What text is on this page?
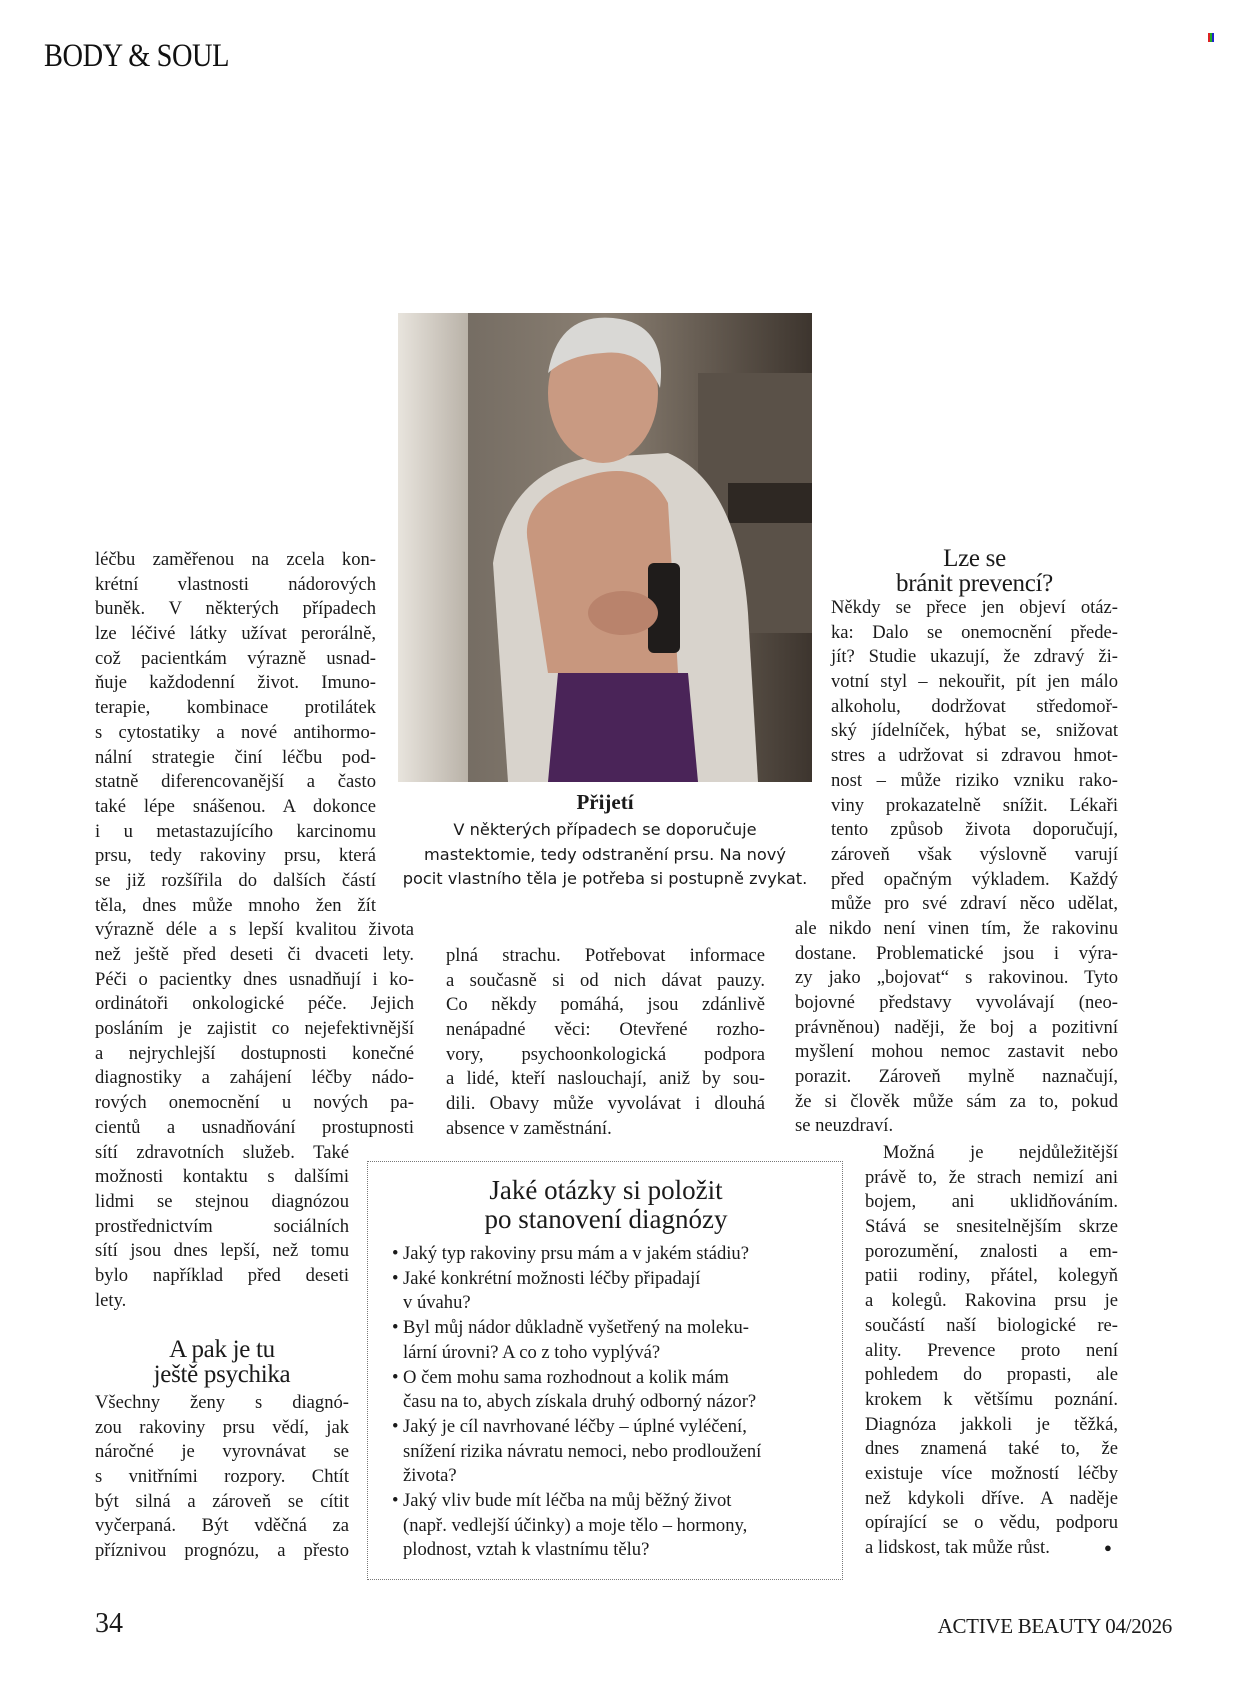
BODY & SOUL
Přijetí
V některých případech se doporučuje
mastektomie, tedy odstranění prsu. Na nový
pocit vlastního těla je potřeba si postupně zvykat.
léčbu zaměřenou na zcela kon-
krétní vlastnosti nádorových
buněk. V některých případech
lze léčivé látky užívat perorálně,
což pacientkám výrazně usnad-
ňuje každodenní život. Imuno-
terapie, kombinace protilátek
s cytostatiky a nové antihormo-
nální strategie činí léčbu pod-
statně diferencovanější a často
také lépe snášenou. A dokonce
i u metastazujícího karcinomu
prsu, tedy rakoviny prsu, která
se již rozšířila do dalších částí
těla, dnes může mnoho žen žít
výrazně déle a s lepší kvalitou života
než ještě před deseti či dvaceti lety.
Péči o pacientky dnes usnadňují i ko-
ordinátoři onkologické péče. Jejich
posláním je zajistit co nejefektivnější
a nejrychlejší dostupnosti konečné
diagnostiky a zahájení léčby nádo-
rových onemocnění u nových pa-
cientů a usnadňování prostupnosti
sítí zdravotních služeb. Také
možnosti kontaktu s dalšími
lidmi se stejnou diagnózou
prostřednictvím sociálních
sítí jsou dnes lepší, než tomu
bylo například před deseti
lety.
A pak je tu
ještě psychika
Všechny ženy s diagnó-
zou rakoviny prsu vědí, jak
náročné je vyrovnávat se
s vnitřními rozpory. Chtít
být silná a zároveň se cítit
vyčerpaná. Být vděčná za
příznivou prognózu, a přesto
plná strachu. Potřebovat informace
a současně si od nich dávat pauzy.
Co někdy pomáhá, jsou zdánlivě
nenápadné věci: Otevřené rozho-
vory, psychoonkologická podpora
a lidé, kteří naslouchají, aniž by sou-
dili. Obavy může vyvolávat i dlouhá
absence v zaměstnání.
Jaké otázky si položit
po stanovení diagnózy
• Jaký typ rakoviny prsu mám a v jakém stádiu?
• Jaké konkrétní možnosti léčby připadají
v úvahu?
• Byl můj nádor důkladně vyšetřený na moleku-
lární úrovni? A co z toho vyplývá?
• O čem mohu sama rozhodnout a kolik mám
času na to, abych získala druhý odborný názor?
• Jaký je cíl navrhované léčby – úplné vyléčení,
snížení rizika návratu nemoci, nebo prodloužení
života?
• Jaký vliv bude mít léčba na můj běžný život
(např. vedlejší účinky) a moje tělo – hormony,
plodnost, vztah k vlastnímu tělu?
Lze se
bránit prevencí?
Někdy se přece jen objeví otáz-
ka: Dalo se onemocnění přede-
jít? Studie ukazují, že zdravý ži-
votní styl – nekouřit, pít jen málo
alkoholu, dodržovat středomoř-
ský jídelníček, hýbat se, snižovat
stres a udržovat si zdravou hmot-
nost – může riziko vzniku rako-
viny prokazatelně snížit. Lékaři
tento způsob života doporučují,
zároveň však výslovně varují
před opačným výkladem. Každý
může pro své zdraví něco udělat,
ale nikdo není vinen tím, že rakovinu
dostane. Problematické jsou i výra-
zy jako „bojovat“ s rakovinou. Tyto
bojovné představy vyvolávají (neo-
právněnou) naději, že boj a pozitivní
myšlení mohou nemoc zastavit nebo
porazit. Zároveň mylně naznačují,
že si člověk může sám za to, pokud
se neuzdraví.
Možná je nejdůležitější
právě to, že strach nemizí ani
bojem, ani uklidňováním.
Stává se snesitelnějším skrze
porozumění, znalosti a em-
patii rodiny, přátel, kolegyň
a kolegů. Rakovina prsu je
součástí naší biologické re-
ality. Prevence proto není
pohledem do propasti, ale
krokem k většímu poznání.
Diagnóza jakkoli je těžká,
dnes znamená také to, že
existuje více možností léčby
než kdykoli dříve. A naděje
opírající se o vědu, podporu
a lidskost, tak může růst.	●
34	ACTIVE BEAUTY 04/2026
